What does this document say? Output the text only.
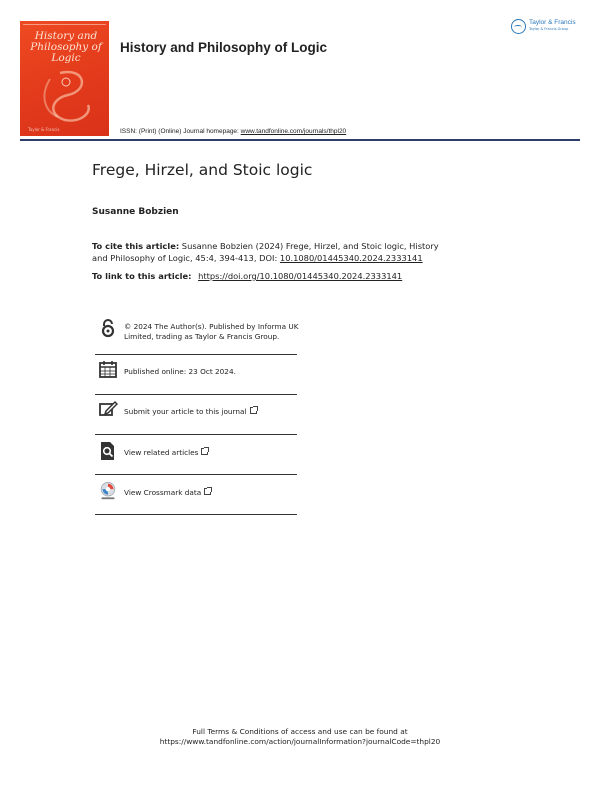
History and
Philosophy of
Logic
Taylor & Francis
History and Philosophy of Logic
Taylor & Francis
Taylor & Francis Group
ISSN: (Print) (Online) Journal homepage: www.tandfonline.com/journals/thpl20
Frege, Hirzel, and Stoic logic
Susanne Bobzien
To cite this article: Susanne Bobzien (2024) Frege, Hirzel, and Stoic logic, History and Philosophy of Logic, 45:4, 394-413, DOI: 10.1080/01445340.2024.2333141
To link to this article: https://doi.org/10.1080/01445340.2024.2333141
© 2024 The Author(s). Published by Informa UK Limited, trading as Taylor & Francis Group.
Published online: 23 Oct 2024.
Submit your article to this journal
View related articles
View Crossmark data
Full Terms & Conditions of access and use can be found at
https://www.tandfonline.com/action/journalInformation?journalCode=thpl20
